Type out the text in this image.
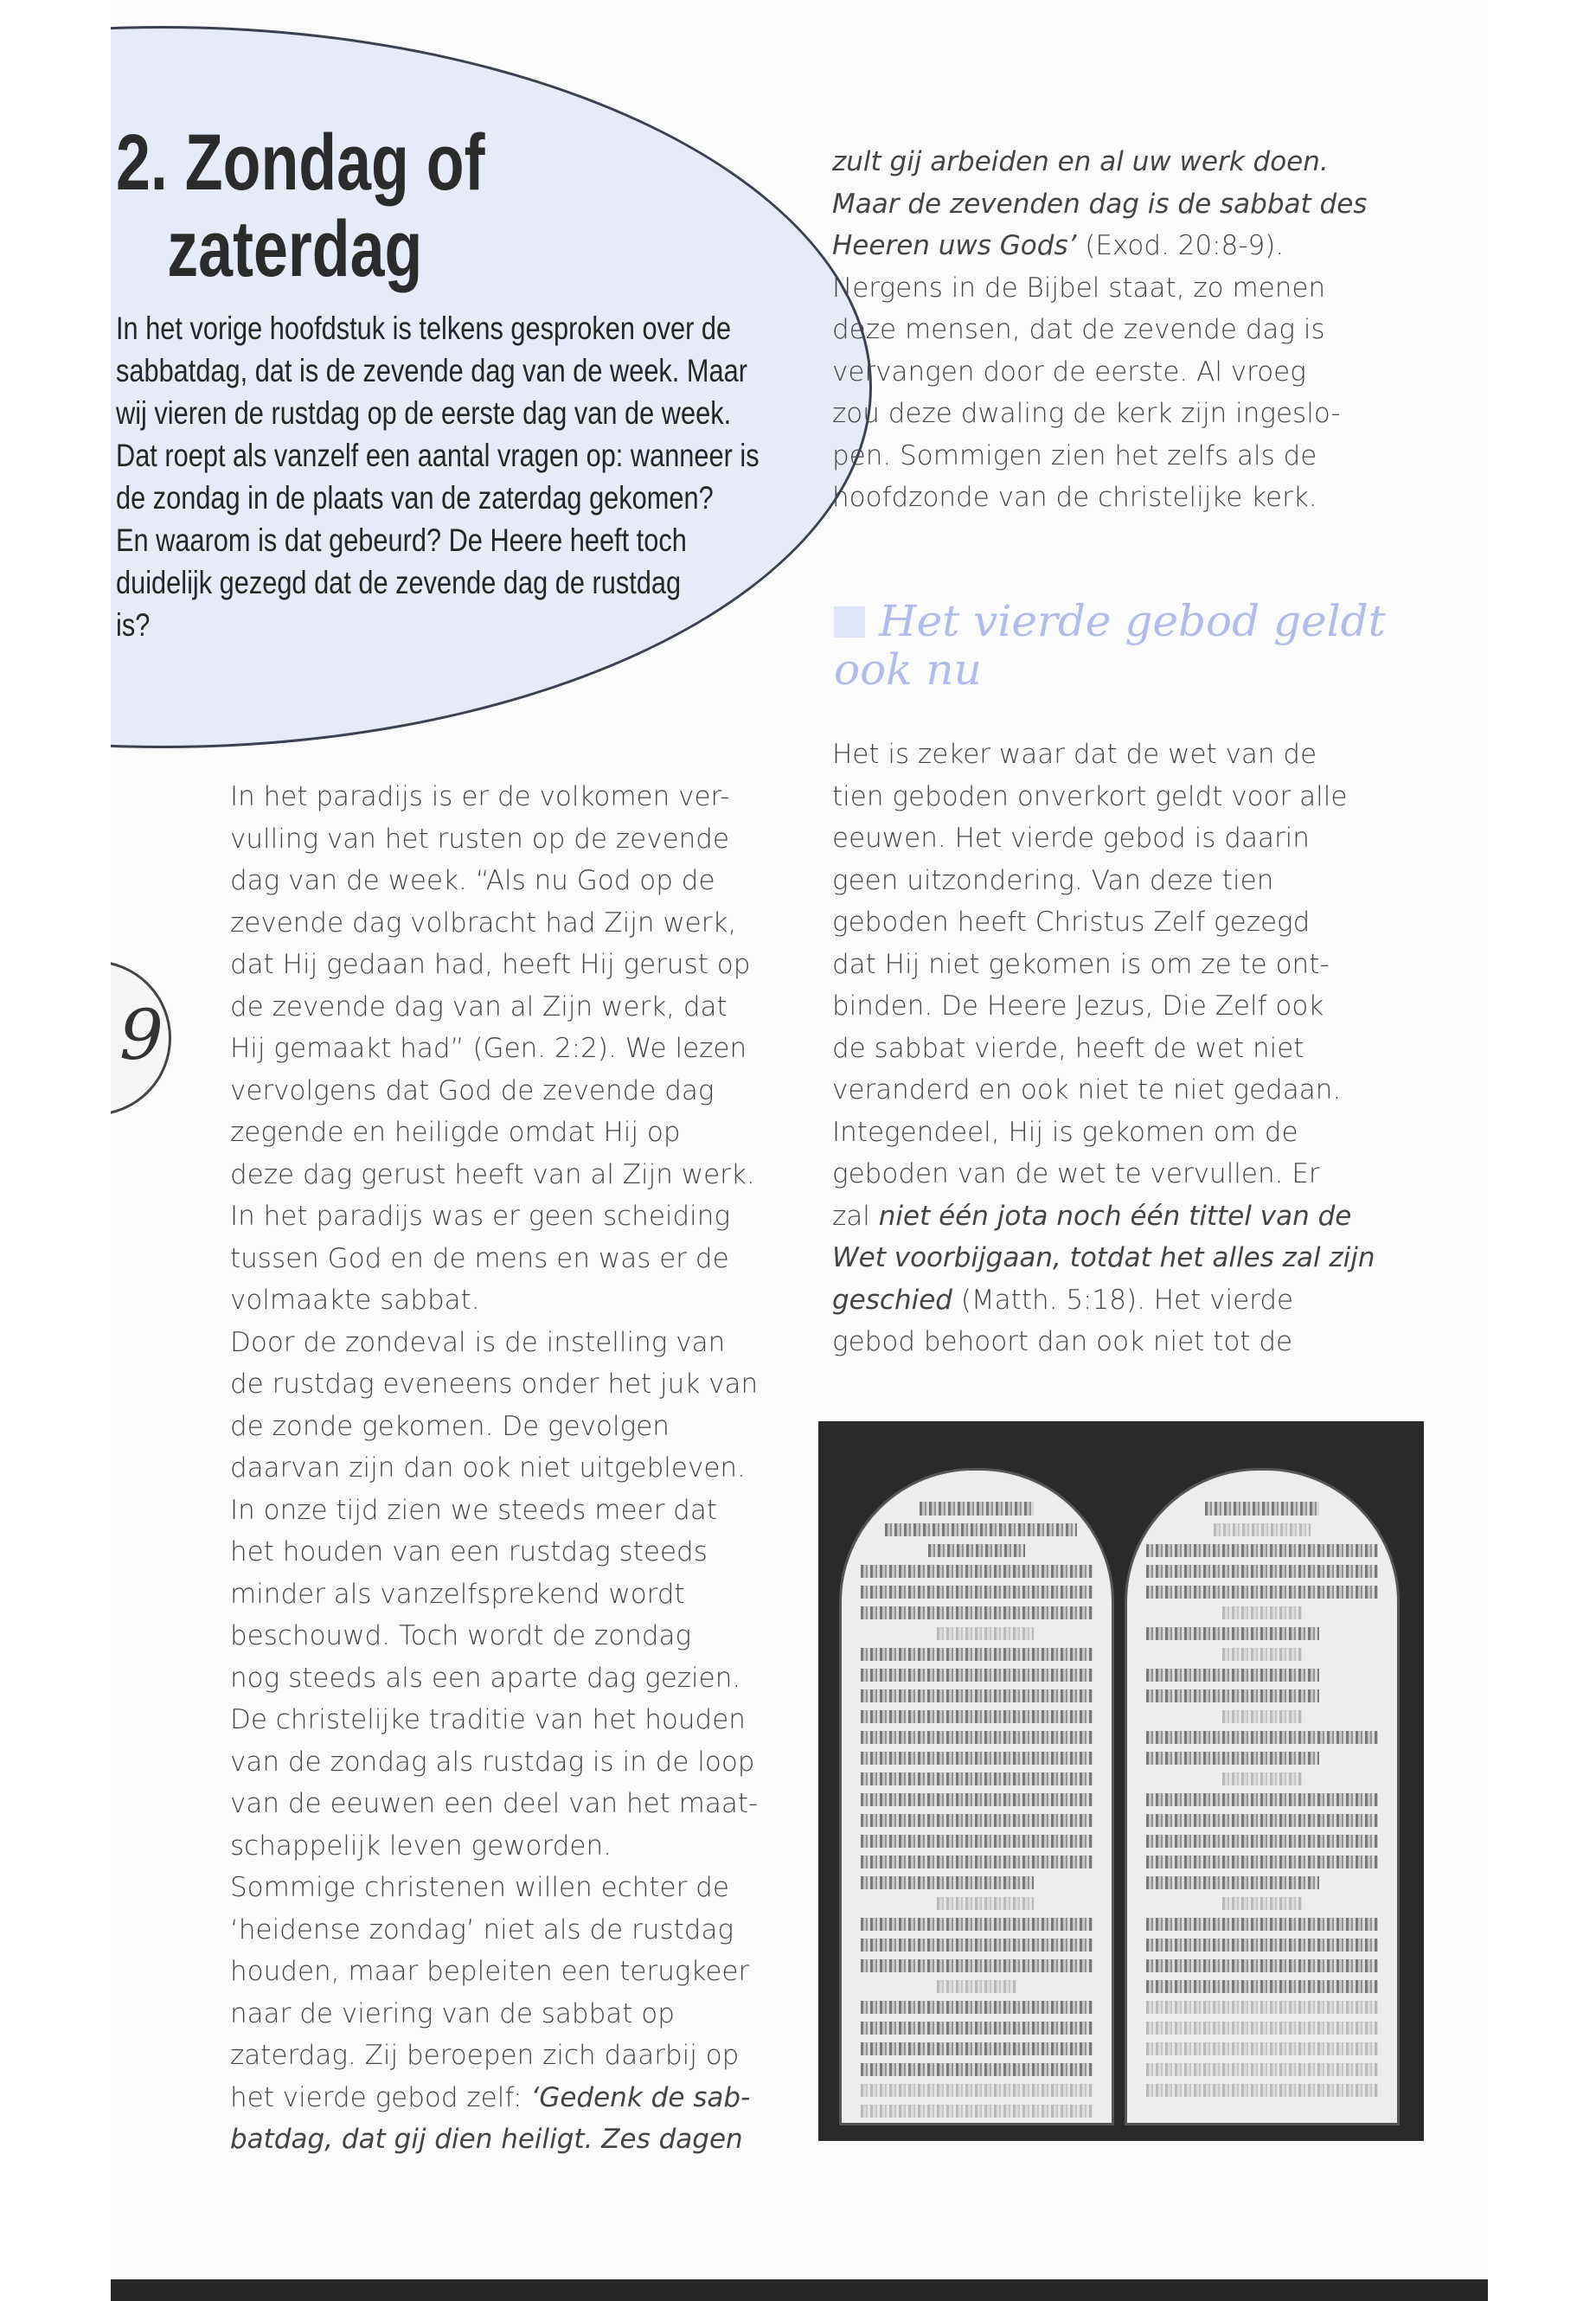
2. Zondag of
zaterdag
In het vorige hoofdstuk is telkens gesproken over de
sabbatdag, dat is de zevende dag van de week. Maar
wij vieren de rustdag op de eerste dag van de week.
Dat roept als vanzelf een aantal vragen op: wanneer is
de zondag in de plaats van de zaterdag gekomen?
En waarom is dat gebeurd? De Heere heeft toch
duidelijk gezegd dat de zevende dag de rustdag
is?
9
In het paradijs is er de volkomen ver-
vulling van het rusten op de zevende
dag van de week. “Als nu God op de
zevende dag volbracht had Zijn werk,
dat Hij gedaan had, heeft Hij gerust op
de zevende dag van al Zijn werk, dat
Hij gemaakt had” (Gen. 2:2). We lezen
vervolgens dat God de zevende dag
zegende en heiligde omdat Hij op
deze dag gerust heeft van al Zijn werk.
In het paradijs was er geen scheiding
tussen God en de mens en was er de
volmaakte sabbat.
Door de zondeval is de instelling van
de rustdag eveneens onder het juk van
de zonde gekomen. De gevolgen
daarvan zijn dan ook niet uitgebleven.
In onze tijd zien we steeds meer dat
het houden van een rustdag steeds
minder als vanzelfsprekend wordt
beschouwd. Toch wordt de zondag
nog steeds als een aparte dag gezien.
De christelijke traditie van het houden
van de zondag als rustdag is in de loop
van de eeuwen een deel van het maat-
schappelijk leven geworden.
Sommige christenen willen echter de
‘heidense zondag’ niet als de rustdag
houden, maar bepleiten een terugkeer
naar de viering van de sabbat op
zaterdag. Zij beroepen zich daarbij op
het vierde gebod zelf: ‘Gedenk de sab-
batdag, dat gij dien heiligt. Zes dagen
zult gij arbeiden en al uw werk doen.
Maar de zevenden dag is de sabbat des
Heeren uws Gods’ (Exod. 20:8-9).
Nergens in de Bijbel staat, zo menen
deze mensen, dat de zevende dag is
vervangen door de eerste. Al vroeg
zou deze dwaling de kerk zijn ingeslo-
pen. Sommigen zien het zelfs als de
hoofdzonde van de christelijke kerk.
Het vierde gebod geldt
ook nu
Het is zeker waar dat de wet van de
tien geboden onverkort geldt voor alle
eeuwen. Het vierde gebod is daarin
geen uitzondering. Van deze tien
geboden heeft Christus Zelf gezegd
dat Hij niet gekomen is om ze te ont-
binden. De Heere Jezus, Die Zelf ook
de sabbat vierde, heeft de wet niet
veranderd en ook niet te niet gedaan.
Integendeel, Hij is gekomen om de
geboden van de wet te vervullen. Er
zal niet één jota noch één tittel van de
Wet voorbijgaan, totdat het alles zal zijn
geschied (Matth. 5:18). Het vierde
gebod behoort dan ook niet tot de
